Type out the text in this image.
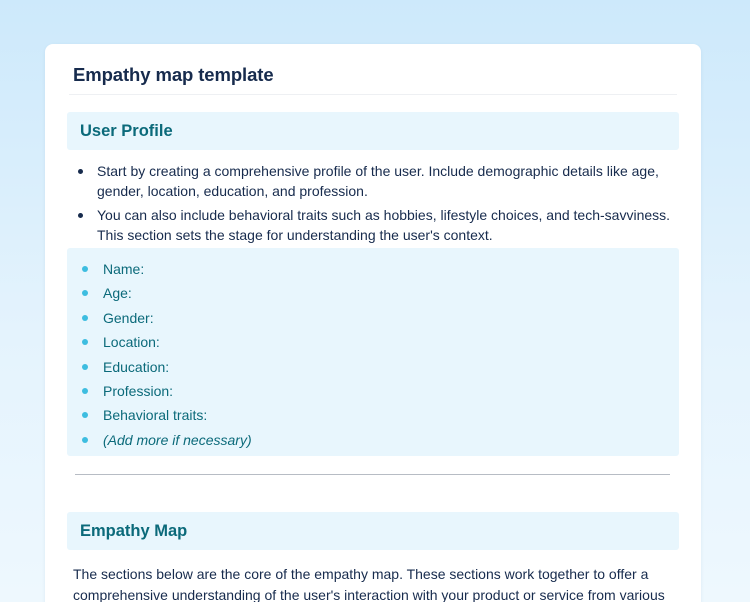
Empathy map template
User Profile
Start by creating a comprehensive profile of the user. Include demographic details like age, gender, location, education, and profession.
You can also include behavioral traits such as hobbies, lifestyle choices, and tech-savviness. This section sets the stage for understanding the user's context.
Name:
Age:
Gender:
Location:
Education:
Profession:
Behavioral traits:
(Add more if necessary)
Empathy Map

The sections below are the core of the empathy map. These sections work together to offer a comprehensive understanding of the user's interaction with your product or service from various
